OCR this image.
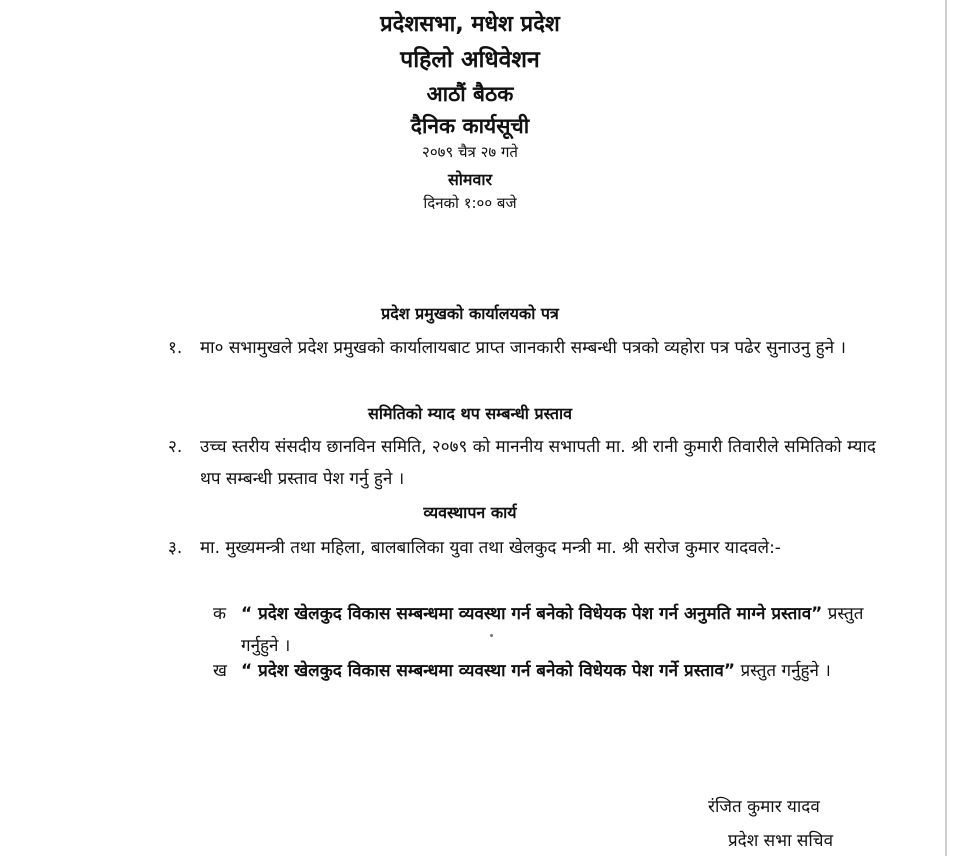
प्रदेशसभा, मधेश प्रदेश
पहिलो अधिवेशन
आठौं बैठक
दैनिक कार्यसूची
२०७९ चैत्र २७ गते
सोमवार
दिनको १:०० बजे
प्रदेश प्रमुखको कार्यालयको पत्र
१.	मा० सभामुखले प्रदेश प्रमुखको कार्यालायबाट प्राप्त जानकारी सम्बन्धी पत्रको व्यहोरा पत्र पढेर सुनाउनु हुने ।
समितिको म्याद थप सम्बन्धी प्रस्ताव
२.	उच्च स्तरीय संसदीय छानविन समिति, २०७९ को माननीय सभापती मा. श्री रानी कुमारी तिवारीले समितिको म्याद थप सम्बन्धी प्रस्ताव पेश गर्नु हुने ।
व्यवस्थापन कार्य
३.	मा. मुख्यमन्त्री तथा महिला, बालबालिका युवा तथा खेलकुद मन्त्री मा. श्री सरोज कुमार यादवले:-
क “ प्रदेश खेलकुद विकास सम्बन्धमा व्यवस्था गर्न बनेको विधेयक पेश गर्न अनुमति माग्ने प्रस्ताव” प्रस्तुत गर्नुहुने ।
ख “ प्रदेश खेलकुद विकास सम्बन्धमा व्यवस्था गर्न बनेको विधेयक पेश गर्ने प्रस्ताव” प्रस्तुत गर्नुहुने ।
रंजित कुमार यादव
प्रदेश सभा सचिव
